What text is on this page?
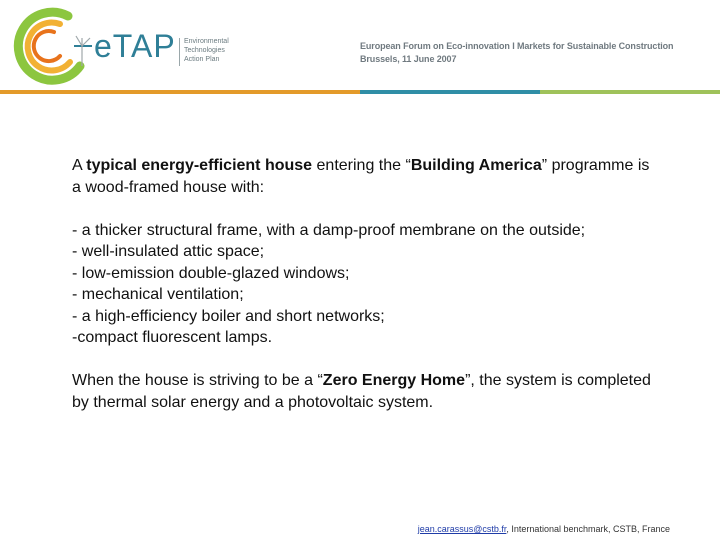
eTAP Environmental
Technologies
Action Plan
European Forum on Eco-innovation I Markets for Sustainable Construction
Brussels, 11 June 2007

A typical energy-efficient house entering the “Building America” programme is a wood-framed house with:

- a thicker structural frame, with a damp-proof membrane on the outside;
- well-insulated attic space;
- low-emission double-glazed windows;
- mechanical ventilation;
- a high-efficiency boiler and short networks;
-compact fluorescent lamps.

When the house is striving to be a “Zero Energy Home”, the system is completed by thermal solar energy and a photovoltaic system.

jean.carassus@cstb.fr, International benchmark, CSTB, France
